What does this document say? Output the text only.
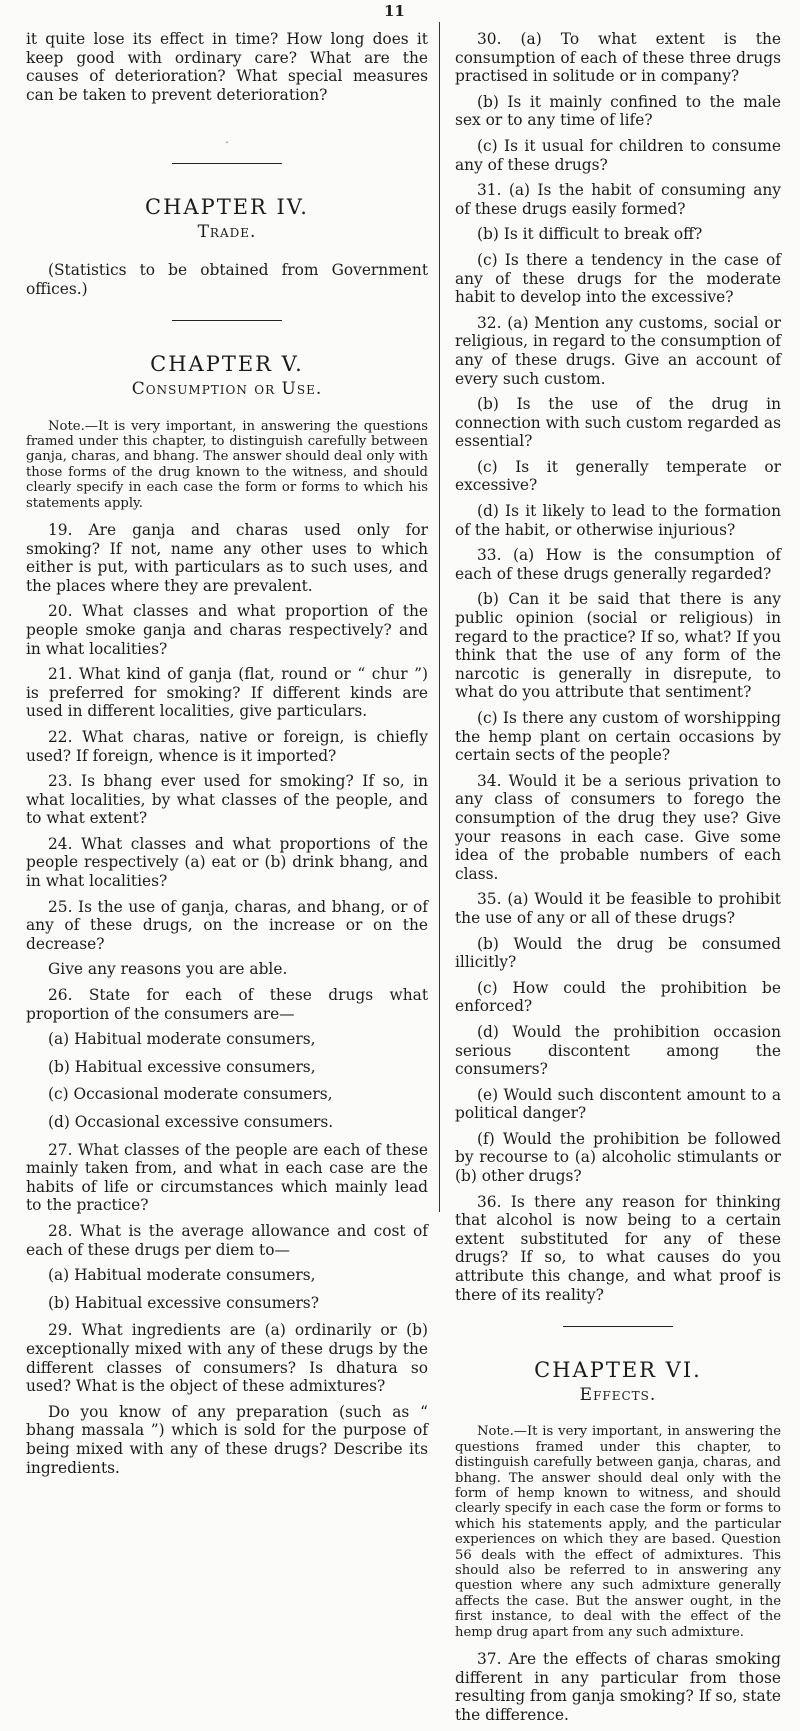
11

it quite lose its effect in time? How long does it keep good with ordinary care? What are the causes of deterioration? What special measures can be taken to prevent deterioration?

·
CHAPTER IV.
Trade.

(Statistics to be obtained from Government offices.)

CHAPTER V.
Consumption or Use.

Note.—It is very important, in answering the questions framed under this chapter, to distinguish carefully between ganja, charas, and bhang. The answer should deal only with those forms of the drug known to the witness, and should clearly specify in each case the form or forms to which his statements apply.

19. Are ganja and charas used only for smoking? If not, name any other uses to which either is put, with particulars as to such uses, and the places where they are prevalent.

20. What classes and what proportion of the people smoke ganja and charas respectively? and in what localities?

21. What kind of ganja (flat, round or “ chur ”) is preferred for smoking? If different kinds are used in different localities, give particulars.

22. What charas, native or foreign, is chiefly used? If foreign, whence is it imported?

23. Is bhang ever used for smoking? If so, in what localities, by what classes of the people, and to what extent?

24. What classes and what proportions of the people respectively (a) eat or (b) drink bhang, and in what localities?

25. Is the use of ganja, charas, and bhang, or of any of these drugs, on the increase or on the decrease?

Give any reasons you are able.

26. State for each of these drugs what proportion of the consumers are—

(a) Habitual moderate consumers,
(b) Habitual excessive consumers,
(c) Occasional moderate consumers,
(d) Occasional excessive consumers.

27. What classes of the people are each of these mainly taken from, and what in each case are the habits of life or circumstances which mainly lead to the practice?

28. What is the average allowance and cost of each of these drugs per diem to—

(a) Habitual moderate consumers,
(b) Habitual excessive consumers?

29. What ingredients are (a) ordinarily or (b) exceptionally mixed with any of these drugs by the different classes of consumers? Is dhatura so used? What is the object of these admixtures?

Do you know of any preparation (such as “ bhang massala ”) which is sold for the purpose of being mixed with any of these drugs? Describe its ingredients.

30. (a) To what extent is the consumption of each of these three drugs practised in solitude or in company?

(b) Is it mainly confined to the male sex or to any time of life?

(c) Is it usual for children to consume any of these drugs?

31. (a) Is the habit of consuming any of these drugs easily formed?

(b) Is it difficult to break off?

(c) Is there a tendency in the case of any of these drugs for the moderate habit to develop into the excessive?

32. (a) Mention any customs, social or religious, in regard to the consumption of any of these drugs. Give an account of every such custom.

(b) Is the use of the drug in connection with such custom regarded as essential?

(c) Is it generally temperate or excessive?

(d) Is it likely to lead to the formation of the habit, or otherwise injurious?

33. (a) How is the consumption of each of these drugs generally regarded?

(b) Can it be said that there is any public opinion (social or religious) in regard to the practice? If so, what? If you think that the use of any form of the narcotic is generally in disrepute, to what do you attribute that sentiment?

(c) Is there any custom of worshipping the hemp plant on certain occasions by certain sects of the people?

34. Would it be a serious privation to any class of consumers to forego the consumption of the drug they use? Give your reasons in each case. Give some idea of the probable numbers of each class.

35. (a) Would it be feasible to prohibit the use of any or all of these drugs?

(b) Would the drug be consumed illicitly?

(c) How could the prohibition be enforced?

(d) Would the prohibition occasion serious discontent among the consumers?

(e) Would such discontent amount to a political danger?

(f) Would the prohibition be followed by recourse to (a) alcoholic stimulants or (b) other drugs?

36. Is there any reason for thinking that alcohol is now being to a certain extent substituted for any of these drugs? If so, to what causes do you attribute this change, and what proof is there of its reality?

CHAPTER VI.
Effects.

Note.—It is very important, in answering the questions framed under this chapter, to distinguish carefully between ganja, charas, and bhang. The answer should deal only with the form of hemp known to witness, and should clearly specify in each case the form or forms to which his statements apply, and the particular experiences on which they are based. Question 56 deals with the effect of admixtures. This should also be referred to in answering any question where any such admixture generally affects the case. But the answer ought, in the first instance, to deal with the effect of the hemp drug apart from any such admixture.

37. Are the effects of charas smoking different in any particular from those resulting from ganja smoking? If so, state the difference.
